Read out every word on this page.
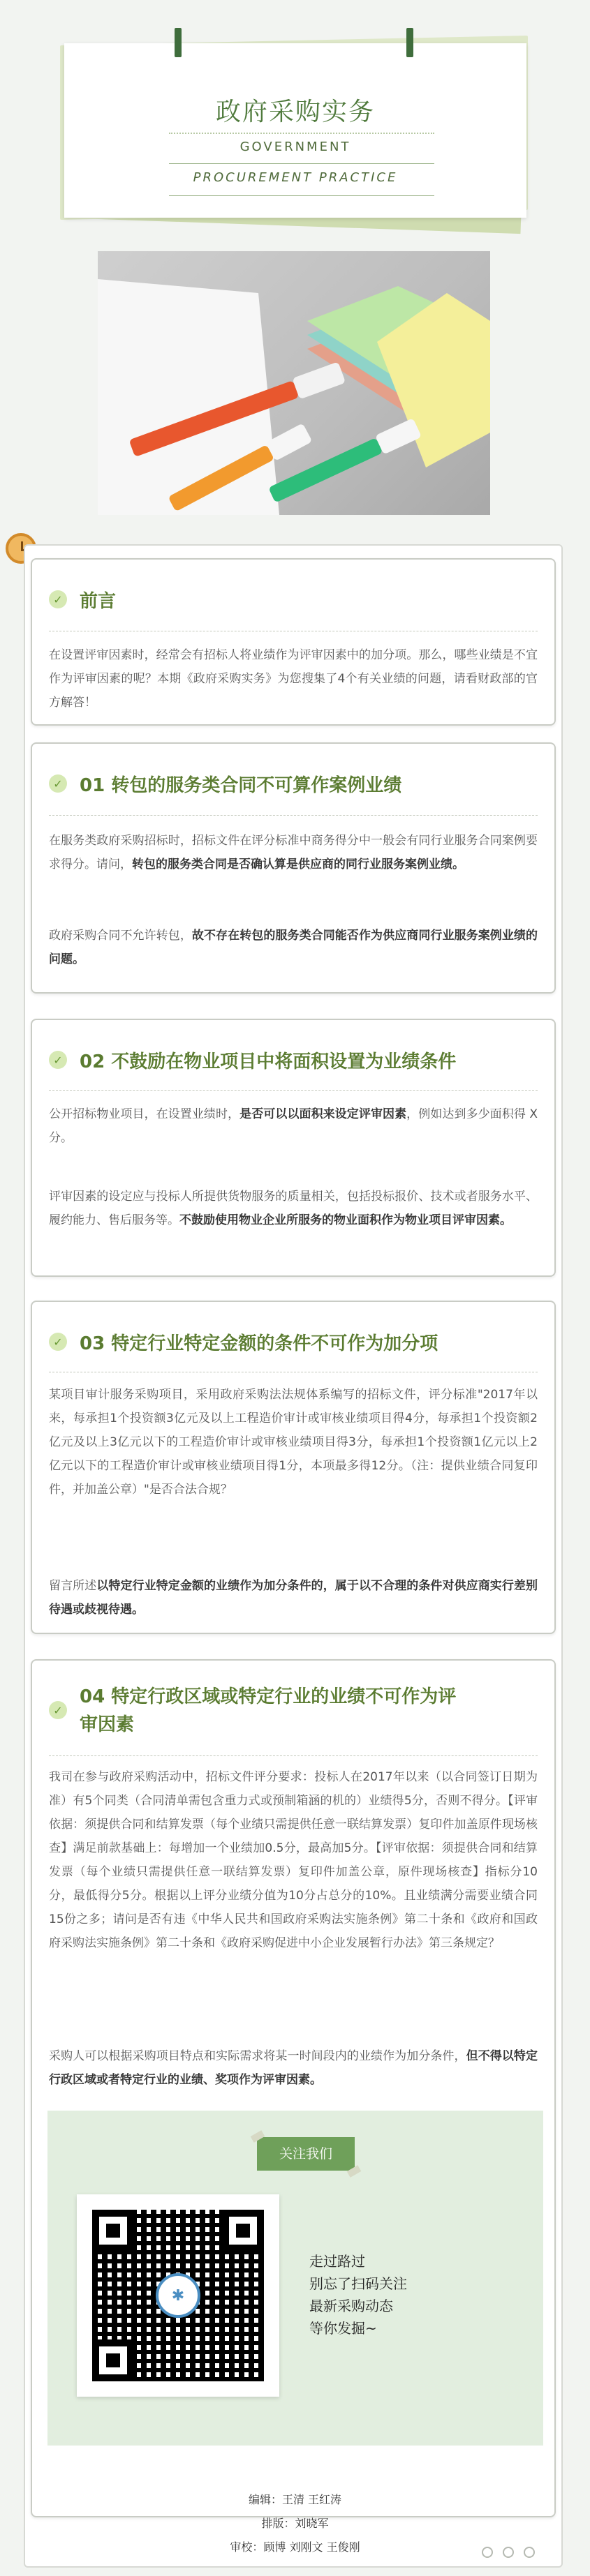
政府采购实务
GOVERNMENT
PROCUREMENT PRACTICE
✓ 前言
在设置评审因素时，经常会有招标人将业绩作为评审因素中的加分项。那么，哪些业绩是不宜作为评审因素的呢？本期《政府采购实务》为您搜集了4个有关业绩的问题，请看财政部的官方解答！
✓ 01 转包的服务类合同不可算作案例业绩
在服务类政府采购招标时，招标文件在评分标准中商务得分中一般会有同行业服务合同案例要求得分。请问，转包的服务类合同是否确认算是供应商的同行业服务案例业绩。
政府采购合同不允许转包，故不存在转包的服务类合同能否作为供应商同行业服务案例业绩的问题。
✓ 02 不鼓励在物业项目中将面积设置为业绩条件
公开招标物业项目，在设置业绩时，是否可以以面积来设定评审因素，例如达到多少面积得 X 分。
评审因素的设定应与投标人所提供货物服务的质量相关，包括投标报价、技术或者服务水平、履约能力、售后服务等。不鼓励使用物业企业所服务的物业面积作为物业项目评审因素。
✓ 03 特定行业特定金额的条件不可作为加分项
某项目审计服务采购项目，采用政府采购法法规体系编写的招标文件，评分标准"2017年以来，每承担1个投资额3亿元及以上工程造价审计或审核业绩项目得4分，每承担1个投资额2亿元及以上3亿元以下的工程造价审计或审核业绩项目得3分，每承担1个投资额1亿元以上2亿元以下的工程造价审计或审核业绩项目得1分，本项最多得12分。（注：提供业绩合同复印件，并加盖公章）"是否合法合规？
留言所述以特定行业特定金额的业绩作为加分条件的，属于以不合理的条件对供应商实行差别待遇或歧视待遇。
✓
04 特定行政区域或特定行业的业绩不可作为评
审因素
我司在参与政府采购活动中，招标文件评分要求：投标人在2017年以来（以合同签订日期为准）有5个同类（合同清单需包含重力式或预制箱涵的机的）业绩得5分，否则不得分。【评审依据：须提供合同和结算发票（每个业绩只需提供任意一联结算发票）复印件加盖原件现场核查】满足前款基础上：每增加一个业绩加0.5分，最高加5分。【评审依据：须提供合同和结算发票（每个业绩只需提供任意一联结算发票）复印件加盖公章，原件现场核查】指标分10分，最低得分5分。根据以上评分业绩分值为10分占总分的10%。且业绩满分需要业绩合同15份之多；请问是否有违《中华人民共和国政府采购法实施条例》第二十条和《政府和国政府采购法实施条例》第二十条和《政府采购促进中小企业发展暂行办法》第三条规定？
采购人可以根据采购项目特点和实际需求将某一时间段内的业绩作为加分条件，但不得以特定行政区域或者特定行业的业绩、奖项作为评审因素。
关注我们
✱
走过路过
别忘了扫码关注
最新采购动态
等你发掘~
编辑：王清 王红涛
排版：刘晓军
审校：顾博 刘刚文 王俊刚
